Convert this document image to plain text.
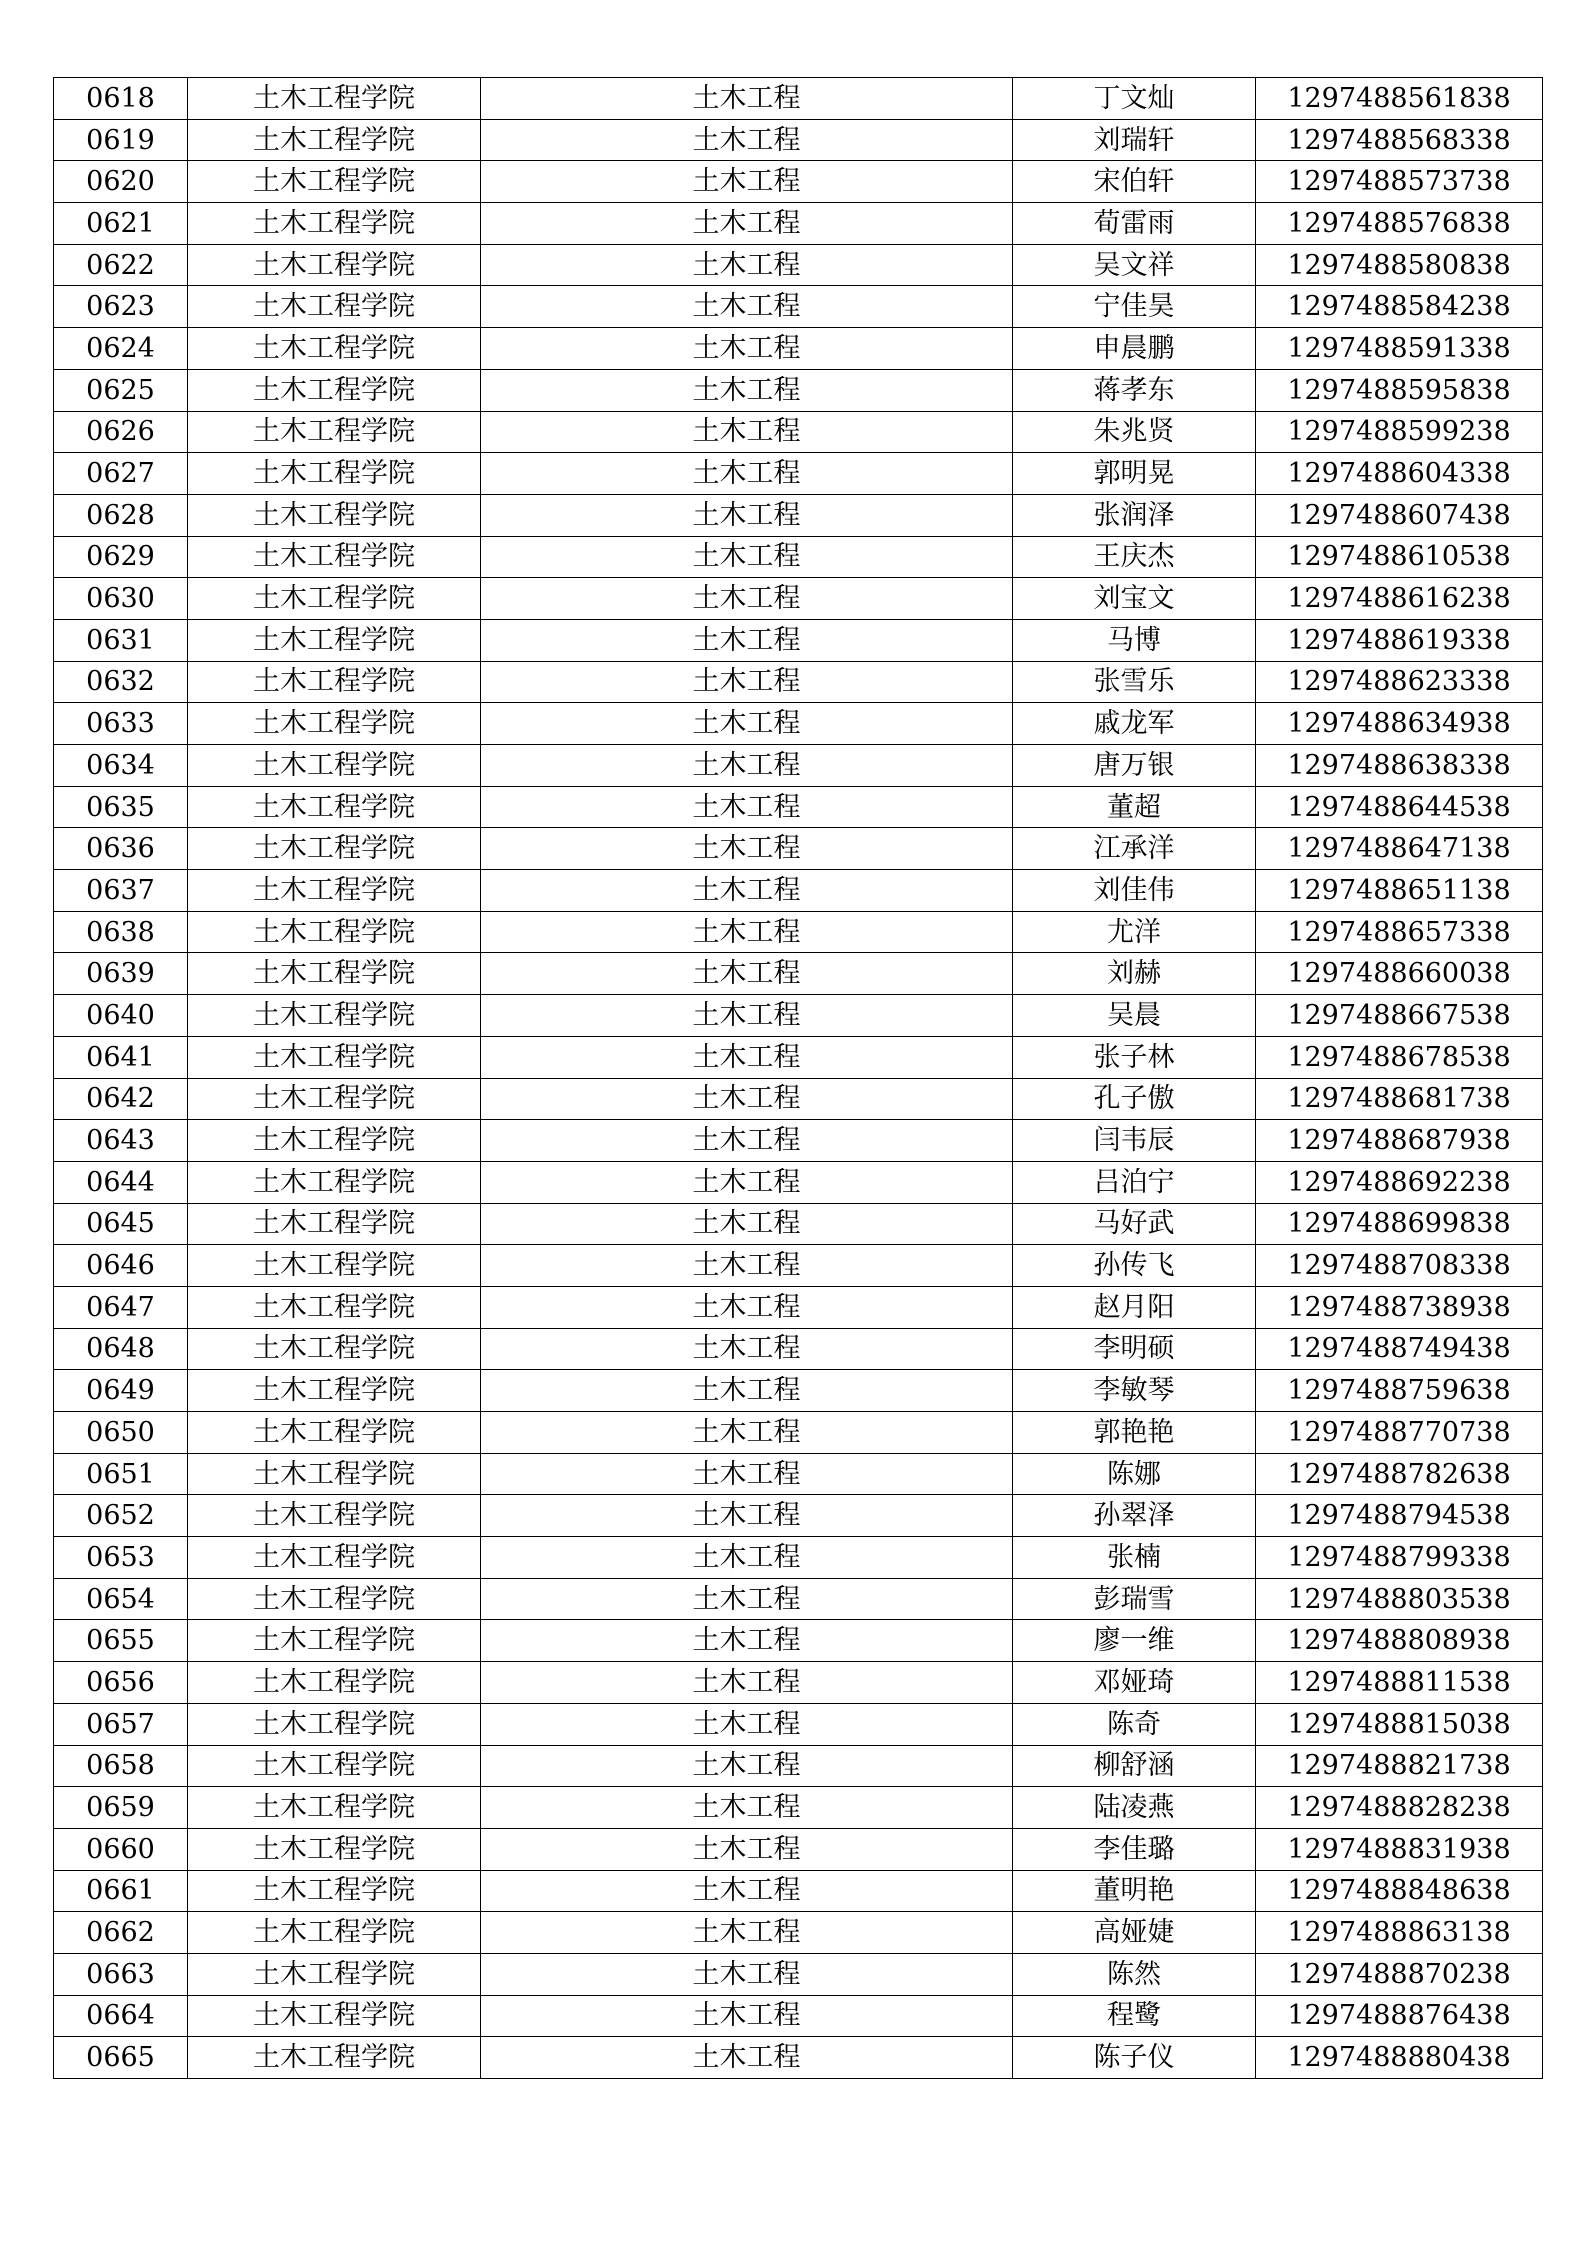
0618	土木工程学院	土木工程	丁文灿	1297488561838
0619	土木工程学院	土木工程	刘瑞轩	1297488568338
0620	土木工程学院	土木工程	宋伯轩	1297488573738
0621	土木工程学院	土木工程	荀雷雨	1297488576838
0622	土木工程学院	土木工程	吴文祥	1297488580838
0623	土木工程学院	土木工程	宁佳昊	1297488584238
0624	土木工程学院	土木工程	申晨鹏	1297488591338
0625	土木工程学院	土木工程	蒋孝东	1297488595838
0626	土木工程学院	土木工程	朱兆贤	1297488599238
0627	土木工程学院	土木工程	郭明晃	1297488604338
0628	土木工程学院	土木工程	张润泽	1297488607438
0629	土木工程学院	土木工程	王庆杰	1297488610538
0630	土木工程学院	土木工程	刘宝文	1297488616238
0631	土木工程学院	土木工程	马博	1297488619338
0632	土木工程学院	土木工程	张雪乐	1297488623338
0633	土木工程学院	土木工程	戚龙军	1297488634938
0634	土木工程学院	土木工程	唐万银	1297488638338
0635	土木工程学院	土木工程	董超	1297488644538
0636	土木工程学院	土木工程	江承洋	1297488647138
0637	土木工程学院	土木工程	刘佳伟	1297488651138
0638	土木工程学院	土木工程	尤洋	1297488657338
0639	土木工程学院	土木工程	刘赫	1297488660038
0640	土木工程学院	土木工程	吴晨	1297488667538
0641	土木工程学院	土木工程	张子林	1297488678538
0642	土木工程学院	土木工程	孔子傲	1297488681738
0643	土木工程学院	土木工程	闫韦辰	1297488687938
0644	土木工程学院	土木工程	吕泊宁	1297488692238
0645	土木工程学院	土木工程	马好武	1297488699838
0646	土木工程学院	土木工程	孙传飞	1297488708338
0647	土木工程学院	土木工程	赵月阳	1297488738938
0648	土木工程学院	土木工程	李明硕	1297488749438
0649	土木工程学院	土木工程	李敏琴	1297488759638
0650	土木工程学院	土木工程	郭艳艳	1297488770738
0651	土木工程学院	土木工程	陈娜	1297488782638
0652	土木工程学院	土木工程	孙翠泽	1297488794538
0653	土木工程学院	土木工程	张楠	1297488799338
0654	土木工程学院	土木工程	彭瑞雪	1297488803538
0655	土木工程学院	土木工程	廖一维	1297488808938
0656	土木工程学院	土木工程	邓娅琦	1297488811538
0657	土木工程学院	土木工程	陈奇	1297488815038
0658	土木工程学院	土木工程	柳舒涵	1297488821738
0659	土木工程学院	土木工程	陆凌燕	1297488828238
0660	土木工程学院	土木工程	李佳璐	1297488831938
0661	土木工程学院	土木工程	董明艳	1297488848638
0662	土木工程学院	土木工程	高娅婕	1297488863138
0663	土木工程学院	土木工程	陈然	1297488870238
0664	土木工程学院	土木工程	程鹭	1297488876438
0665	土木工程学院	土木工程	陈子仪	1297488880438
